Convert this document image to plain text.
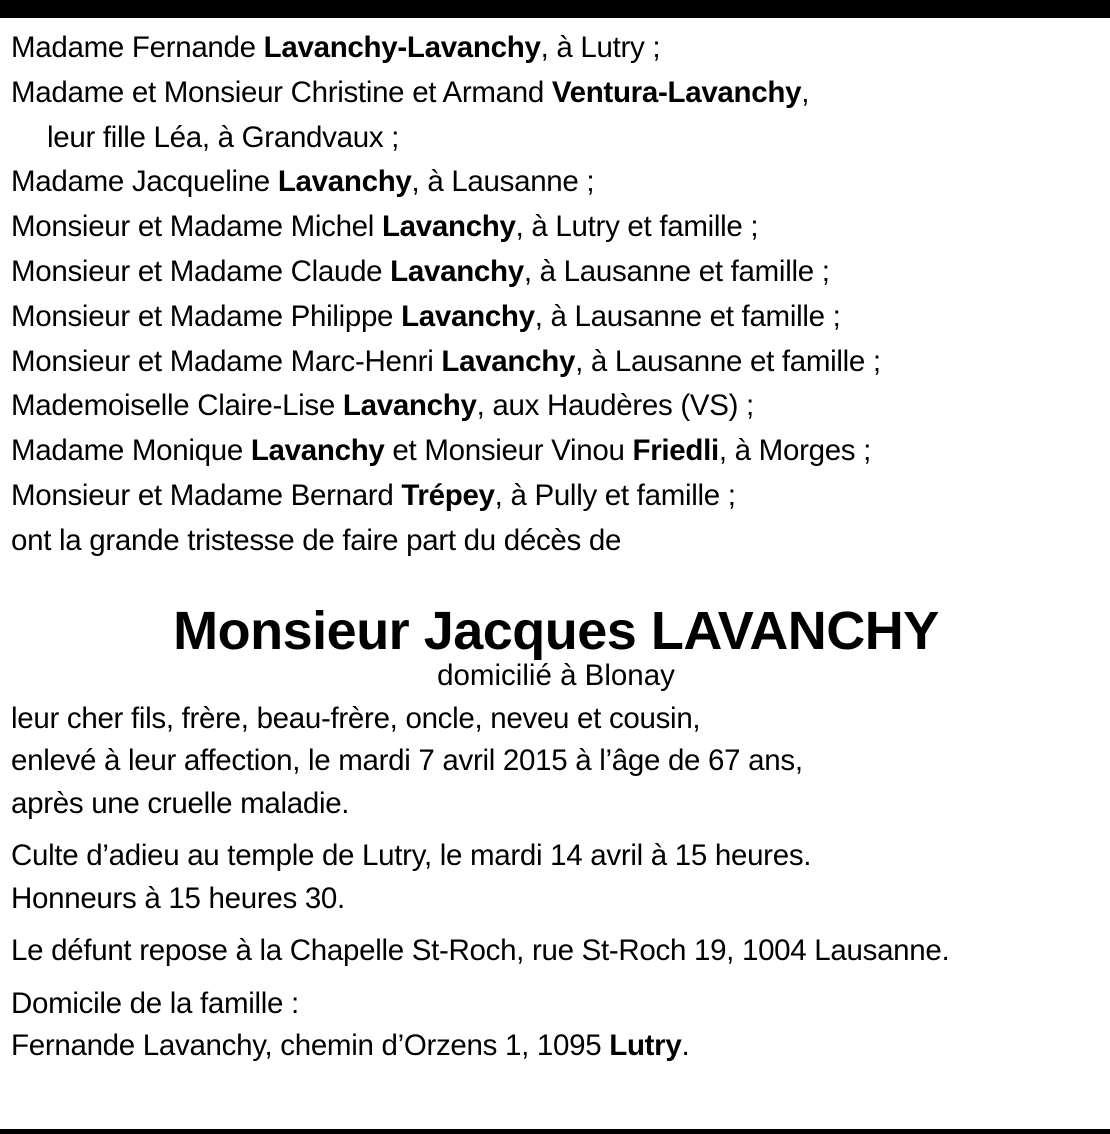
Madame Fernande Lavanchy-Lavanchy, à Lutry ;
Madame et Monsieur Christine et Armand Ventura-Lavanchy,
leur fille Léa, à Grandvaux ;
Madame Jacqueline Lavanchy, à Lausanne ;
Monsieur et Madame Michel Lavanchy, à Lutry et famille ;
Monsieur et Madame Claude Lavanchy, à Lausanne et famille ;
Monsieur et Madame Philippe Lavanchy, à Lausanne et famille ;
Monsieur et Madame Marc-Henri Lavanchy, à Lausanne et famille ;
Mademoiselle Claire-Lise Lavanchy, aux Haudères (VS) ;
Madame Monique Lavanchy et Monsieur Vinou Friedli, à Morges ;
Monsieur et Madame Bernard Trépey, à Pully et famille ;
ont la grande tristesse de faire part du décès de
Monsieur Jacques LAVANCHY
domicilié à Blonay
leur cher fils, frère, beau-frère, oncle, neveu et cousin,
enlevé à leur affection, le mardi 7 avril 2015 à l’âge de 67 ans,
après une cruelle maladie.
Culte d’adieu au temple de Lutry, le mardi 14 avril à 15 heures.
Honneurs à 15 heures 30.
Le défunt repose à la Chapelle St-Roch, rue St-Roch 19, 1004 Lausanne.
Domicile de la famille :
Fernande Lavanchy, chemin d’Orzens 1, 1095 Lutry.
